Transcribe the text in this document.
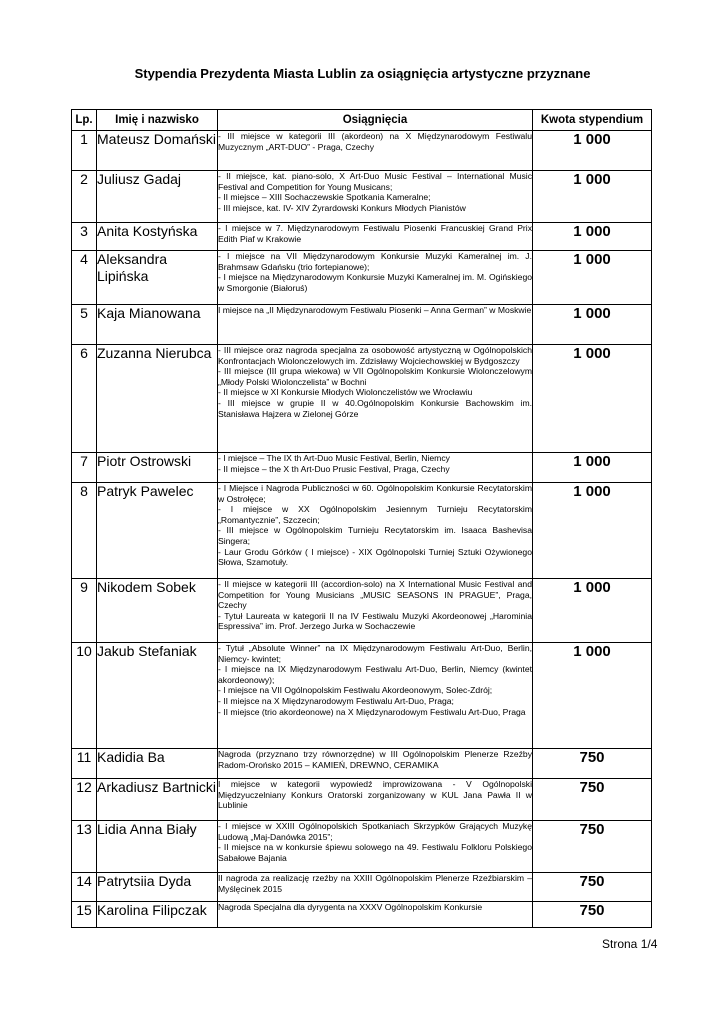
Stypendia Prezydenta Miasta Lublin za osiągnięcia artystyczne przyznane
Lp.	Imię i nazwisko	Osiągnięcia	Kwota stypendium
1	Mateusz Domański	- III miejsce w kategorii III (akordeon) na X Międzynarodowym Festiwalu Muzycznym „ART-DUO” - Praga, Czechy	1 000
2	Juliusz Gadaj	- II miejsce, kat. piano-solo, X Art-Duo Music Festival – International Music Festival and Competition for Young Musicans;
- II miejsce – XIII Sochaczewskie Spotkania Kameralne;
- III miejsce, kat. IV- XIV Żyrardowski Konkurs Młodych Pianistów	1 000
3	Anita Kostyńska	- I miejsce w 7. Międzynarodowym Festiwalu Piosenki Francuskiej Grand Prix Edith Piaf w Krakowie	1 000
4	Aleksandra Lipińska	- I miejsce na VII Międzynarodowym Konkursie Muzyki Kameralnej im. J. Brahmsaw Gdańsku (trio fortepianowe);
- I miejsce na Międzynarodowym Konkursie Muzyki Kameralnej im. M. Ogińskiego w Smorgonie (Białoruś)	1 000
5	Kaja Mianowana	I miejsce na „II Międzynarodowym Festiwalu Piosenki – Anna German” w Moskwie	1 000
6	Zuzanna Nierubca	- III miejsce oraz nagroda specjalna za osobowość artystyczną w Ogólnopolskich Konfrontacjach Wiolonczelowych im. Zdzisławy Wojciechowskiej w Bydgoszczy
- III miejsce (III grupa wiekowa) w VII Ogólnopolskim Konkursie Wiolonczelowym „Młody Polski Wiolonczelista” w Bochni
- II miejsce w XI Konkursie Młodych Wiolonczelistów we Wrocławiu
- III miejsce w grupie II w 40.Ogólnopolskim Konkursie Bachowskim im. Stanisława Hajzera w Zielonej Górze	1 000
7	Piotr Ostrowski	- I miejsce – The IX th Art-Duo Music Festival, Berlin, Niemcy
- II miejsce – the X th Art-Duo Prusic Festival, Praga, Czechy	1 000
8	Patryk Pawelec	- I Miejsce i Nagroda Publiczności w 60. Ogólnopolskim Konkursie Recytatorskim w Ostrołęce;
- I miejsce w XX Ogólnopolskim Jesiennym Turnieju Recytatorskim „Romantycznie”, Szczecin;
- III miejsce w Ogólnopolskim Turnieju Recytatorskim im. Isaaca Bashevisa Singera;
- Laur Grodu Górków ( I miejsce) - XIX Ogólnopolski Turniej Sztuki Ożywionego Słowa, Szamotuły.	1 000
9	Nikodem Sobek	- II miejsce w kategorii III (accordion-solo) na X International Music Festival and Competition for Young Musicians „MUSIC SEASONS IN PRAGUE”, Praga, Czechy
- Tytuł Laureata w kategorii II na IV Festiwalu Muzyki Akordeonowej „Harominia Espressiva” im. Prof. Jerzego Jurka w Sochaczewie	1 000
10	Jakub Stefaniak	- Tytuł „Absolute Winner” na IX Międzynarodowym Festiwalu Art-Duo, Berlin, Niemcy- kwintet;
- I miejsce na IX Międzynarodowym Festiwalu Art-Duo, Berlin, Niemcy (kwintet akordeonowy);
- I miejsce na VII Ogólnopolskim Festiwalu Akordeonowym, Solec-Zdrój;
- II miejsce na X Międzynarodowym Festiwalu Art-Duo, Praga;
- II miejsce (trio akordeonowe) na X Międzynarodowym Festiwalu Art-Duo, Praga	1 000
11	Kadidia Ba	Nagroda (przyznano trzy równorzędne) w III Ogólnopolskim Plenerze Rzeźby Radom-Orońsko 2015 – KAMIEŃ, DREWNO, CERAMIKA	750
12	Arkadiusz Bartnicki	I miejsce w kategorii wypowiedź improwizowana - V Ogólnopolski Międzyuczelniany Konkurs Oratorski zorganizowany w KUL Jana Pawła II w Lublinie	750
13	Lidia Anna Biały	- I miejsce w XXIII Ogólnopolskich Spotkaniach Skrzypków Grających Muzykę Ludową „Maj-Danówka 2015”;
- II miejsce na w konkursie śpiewu solowego na 49. Festiwalu Folkloru Polskiego Sabałowe Bajania	750
14	Patrytsiia Dyda	II nagroda za realizację rzeźby na XXIII Ogólnopolskim Plenerze Rzeźbiarskim – Myślęcinek 2015	750
15	Karolina Filipczak	Nagroda Specjalna dla dyrygenta na XXXV Ogólnopolskim Konkursie	750
Strona 1/4
